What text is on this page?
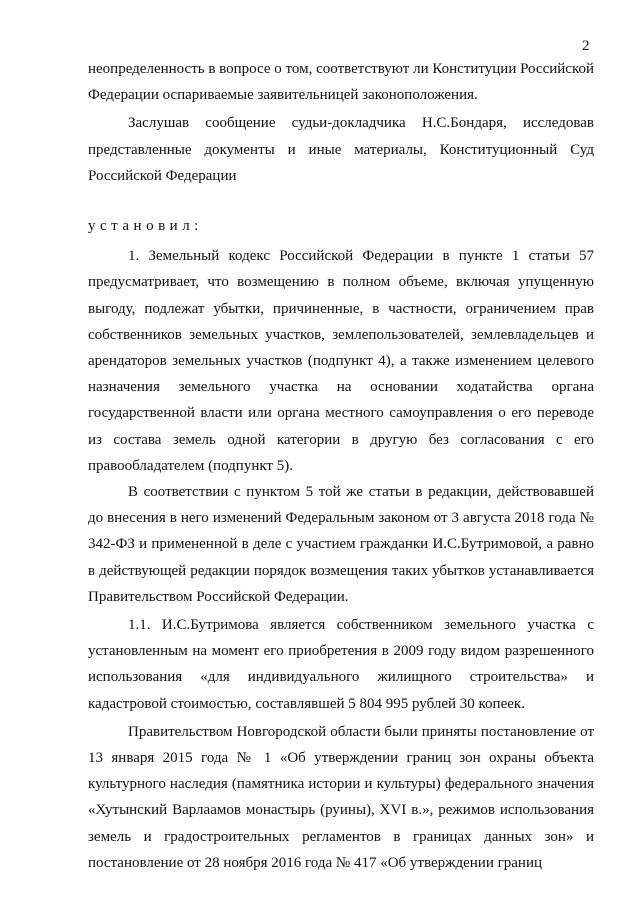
2

неопределенность в вопросе о том, соответствуют ли Конституции Российской Федерации оспариваемые заявительницей законоположения.

Заслушав сообщение судьи-докладчика Н.С.Бондаря, исследовав представленные документы и иные материалы, Конституционный Суд Российской Федерации

установил:

1. Земельный кодекс Российской Федерации в пункте 1 статьи 57 предусматривает, что возмещению в полном объеме, включая упущенную выгоду, подлежат убытки, причиненные, в частности, ограничением прав собственников земельных участков, землепользователей, землевладельцев и арендаторов земельных участков (подпункт 4), а также изменением целевого назначения земельного участка на основании ходатайства органа государственной власти или органа местного самоуправления о его переводе из состава земель одной категории в другую без согласования с его правообладателем (подпункт 5).

В соответствии с пунктом 5 той же статьи в редакции, действовавшей до внесения в него изменений Федеральным законом от 3 августа 2018 года № 342-ФЗ и примененной в деле с участием гражданки И.С.Бутримовой, а равно в действующей редакции порядок возмещения таких убытков устанавливается Правительством Российской Федерации.

1.1. И.С.Бутримова является собственником земельного участка с установленным на момент его приобретения в 2009 году видом разрешенного использования «для индивидуального жилищного строительства» и кадастровой стоимостью, составлявшей 5 804 995 рублей 30 копеек.

Правительством Новгородской области были приняты постановление от 13 января 2015 года № 1 «Об утверждении границ зон охраны объекта культурного наследия (памятника истории и культуры) федерального значения «Хутынский Варлаамов монастырь (руины), XVI в.», режимов использования земель и градостроительных регламентов в границах данных зон» и постановление от 28 ноября 2016 года № 417 «Об утверждении границ
